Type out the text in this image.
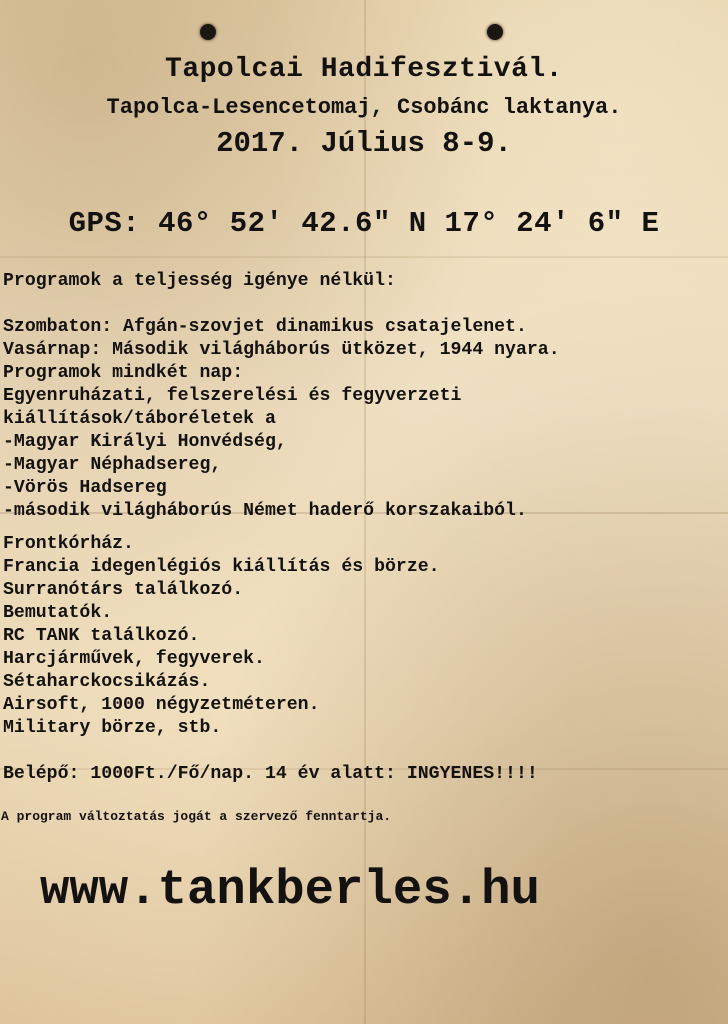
Tapolcai Hadifesztivál.
Tapolca-Lesencetomaj, Csobánc laktanya.
2017. Július 8-9.
GPS: 46° 52' 42.6" N 17° 24' 6" E
Programok a teljesség igénye nélkül:
Szombaton: Afgán-szovjet dinamikus csatajelenet.
Vasárnap: Második világháborús ütközet, 1944 nyara.
Programok mindkét nap:
Egyenruházati, felszerelési és fegyverzeti
kiállítások/táboréletek a
-Magyar Királyi Honvédség,
-Magyar Néphadsereg,
-Vörös Hadsereg
-második világháborús Német haderő korszakaiból.
Frontkórház.
Francia idegenlégiós kiállítás és börze.
Surranótárs találkozó.
Bemutatók.
RC TANK találkozó.
Harcjárművek, fegyverek.
Sétaharckocsikázás.
Airsoft, 1000 négyzetméteren.
Military börze, stb.
Belépő: 1000Ft./Fő/nap. 14 év alatt: INGYENES!!!!
A program változtatás jogát a szervező fenntartja.
www.tankberles.hu
